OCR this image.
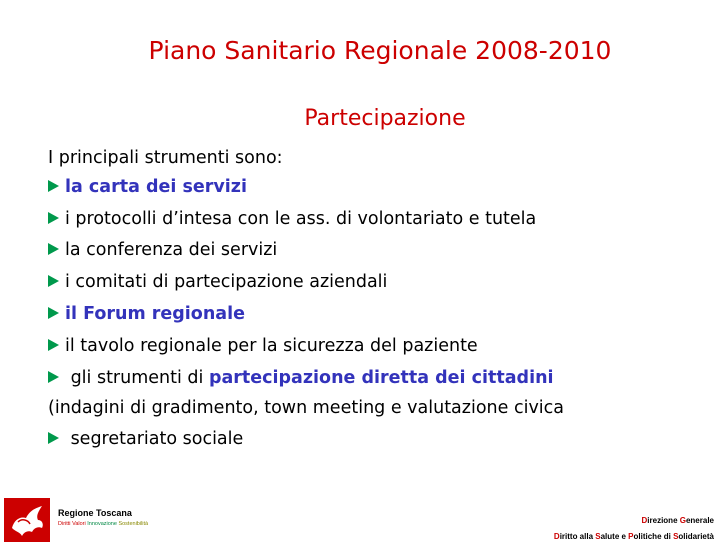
Piano Sanitario Regionale 2008-2010
Partecipazione
I principali strumenti sono:
la carta dei servizi
i protocolli d’intesa con le ass. di volontariato e tutela
la conferenza dei servizi
i comitati di partecipazione aziendali
il Forum regionale
il tavolo regionale per la sicurezza del paziente
gli strumenti di partecipazione diretta dei cittadini
(indagini di gradimento, town meeting e valutazione civica
segretariato sociale
Regione Toscana
Diritti Valori Innovazione Sostenibilità	Direzione Generale
Diritto alla Salute e Politiche di Solidarietà
